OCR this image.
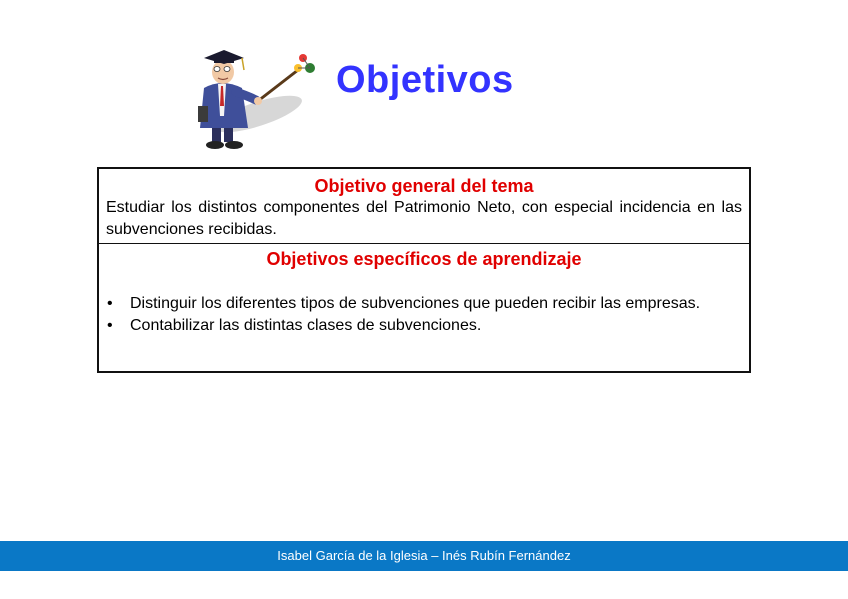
Objetivos

Objetivo general del tema

Estudiar los distintos componentes del Patrimonio Neto, con especial incidencia en las subvenciones recibidas.

Objetivos específicos de aprendizaje

• Distinguir los diferentes tipos de subvenciones que pueden recibir las empresas.
• Contabilizar las distintas clases de subvenciones.
Isabel García de la Iglesia – Inés Rubín Fernández
